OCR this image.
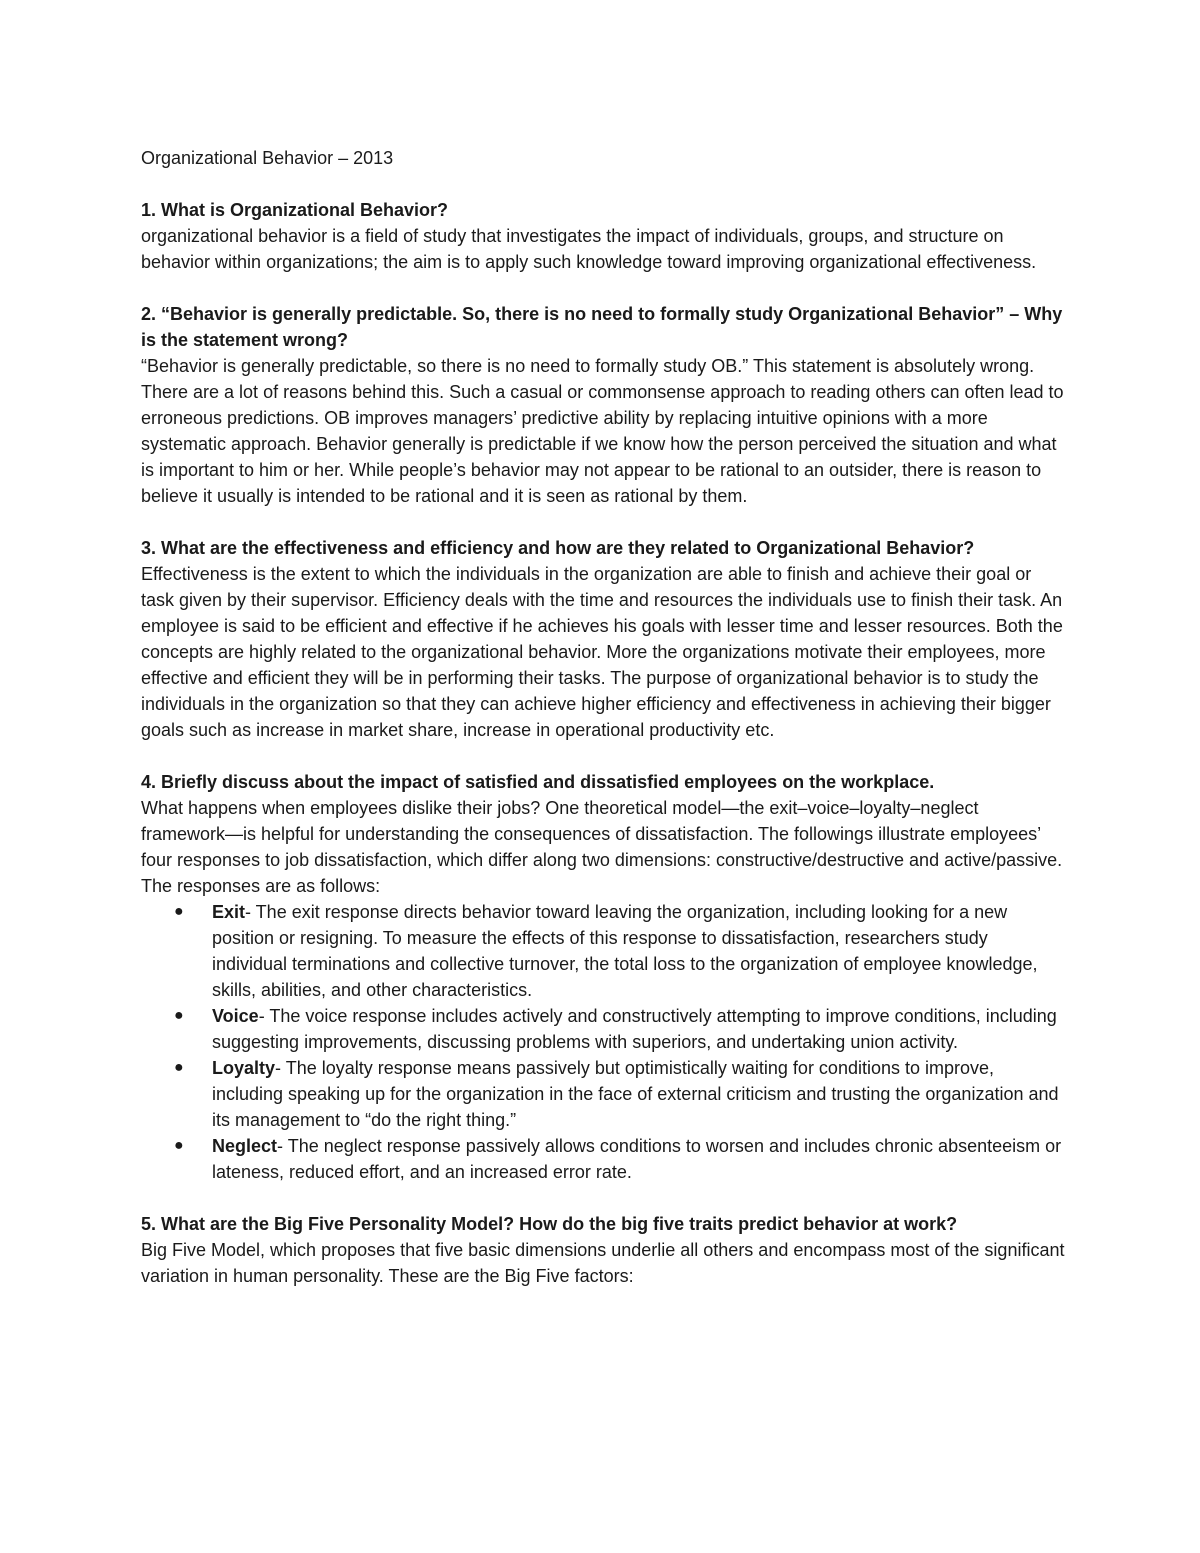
Organizational Behavior – 2013

1. What is Organizational Behavior?

organizational behavior is a field of study that investigates the impact of individuals, groups, and structure on behavior within organizations; the aim is to apply such knowledge toward improving organizational effectiveness.

2. “Behavior is generally predictable. So, there is no need to formally study Organizational Behavior” – Why is the statement wrong?

“Behavior is generally predictable, so there is no need to formally study OB.” This statement is absolutely wrong. There are a lot of reasons behind this. Such a casual or commonsense approach to reading others can often lead to erroneous predictions. OB improves managers’ predictive ability by replacing intuitive opinions with a more systematic approach. Behavior generally is predictable if we know how the person perceived the situation and what is important to him or her. While people’s behavior may not appear to be rational to an outsider, there is reason to believe it usually is intended to be rational and it is seen as rational by them.

3. What are the effectiveness and efficiency and how are they related to Organizational Behavior?

Effectiveness is the extent to which the individuals in the organization are able to finish and achieve their goal or task given by their supervisor. Efficiency deals with the time and resources the individuals use to finish their task. An employee is said to be efficient and effective if he achieves his goals with lesser time and lesser resources. Both the concepts are highly related to the organizational behavior. More the organizations motivate their employees, more effective and efficient they will be in performing their tasks. The purpose of organizational behavior is to study the individuals in the organization so that they can achieve higher efficiency and effectiveness in achieving their bigger goals such as increase in market share, increase in operational productivity etc.

4. Briefly discuss about the impact of satisfied and dissatisfied employees on the workplace.

What happens when employees dislike their jobs? One theoretical model—the exit–voice–loyalty–neglect framework—is helpful for understanding the consequences of dissatisfaction. The followings illustrate employees’ four responses to job dissatisfaction, which differ along two dimensions: constructive/destructive and active/passive. The responses are as follows:

● Exit- The exit response directs behavior toward leaving the organization, including looking for a new position or resigning. To measure the effects of this response to dissatisfaction, researchers study individual terminations and collective turnover, the total loss to the organization of employee knowledge, skills, abilities, and other characteristics.
● Voice- The voice response includes actively and constructively attempting to improve conditions, including suggesting improvements, discussing problems with superiors, and undertaking union activity.
● Loyalty- The loyalty response means passively but optimistically waiting for conditions to improve, including speaking up for the organization in the face of external criticism and trusting the organization and its management to “do the right thing.”
● Neglect- The neglect response passively allows conditions to worsen and includes chronic absenteeism or lateness, reduced effort, and an increased error rate.

5. What are the Big Five Personality Model? How do the big five traits predict behavior at work?

Big Five Model, which proposes that five basic dimensions underlie all others and encompass most of the significant variation in human personality. These are the Big Five factors:
